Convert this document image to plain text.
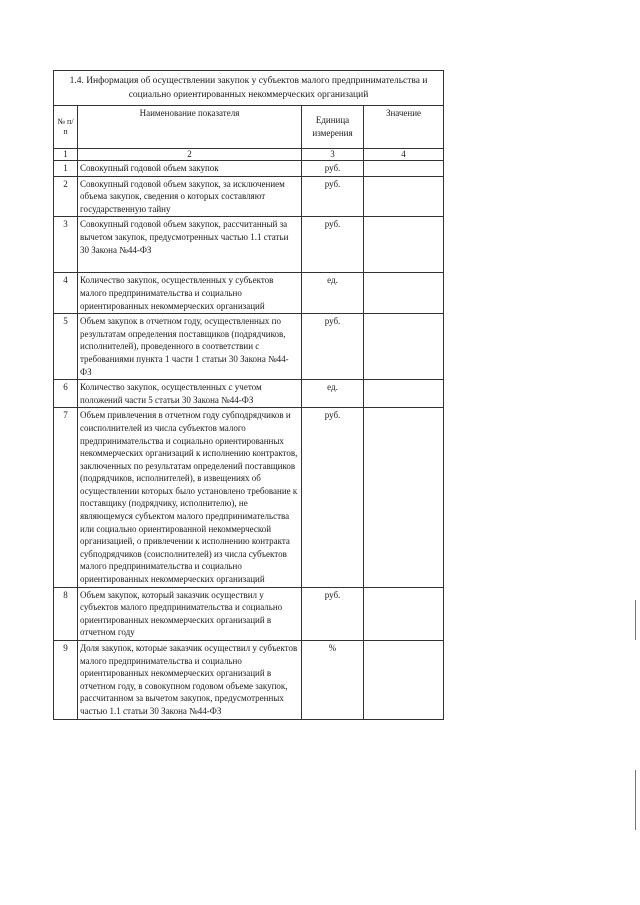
1.4. Информация об осуществлении закупок у субъектов малого предпринимательства и социально ориентированных некоммерческих организаций			
№ п/п	Наименование показателя	Единица измерения	Значение
1	2	3	4
1	Совокупный годовой объем закупок	руб.	
2	Совокупный годовой объем закупок, за исключением объема закупок, сведения о которых составляют государственную тайну	руб.	
3	Совокупный годовой объем закупок, рассчитанный за вычетом закупок, предусмотренных частью 1.1 статьи 30 Закона №44-ФЗ	руб.	
4	Количество закупок, осуществленных у субъектов малого предпринимательства и социально ориентированных некоммерческих организаций	ед.	
5	Объем закупок в отчетном году, осуществленных по результатам определения поставщиков (подрядчиков, исполнителей), проведенного в соответствии с требованиями пункта 1 части 1 статьи 30 Закона №44-ФЗ	руб.	
6	Количество закупок, осуществленных с учетом положений части 5 статьи 30 Закона №44-ФЗ	ед.	
7	Объем привлечения в отчетном году субподрядчиков и соисполнителей из числа субъектов малого предпринимательства и социально ориентированных некоммерческих организаций к исполнению контрактов, заключенных по результатам определений поставщиков (подрядчиков, исполнителей), в извещениях об осуществлении которых было установлено требование к поставщику (подрядчику, исполнителю), не являющемуся субъектом малого предпринимательства или социально ориентированной некоммерческой организацией, о привлечении к исполнению контракта субподрядчиков (соисполнителей) из числа субъектов малого предпринимательства и социально ориентированных некоммерческих организаций	руб.	
8	Объем закупок, который заказчик осуществил у субъектов малого предпринимательства и социально ориентированных некоммерческих организаций в отчетном году	руб.	
9	Доля закупок, которые заказчик осуществил у субъектов малого предпринимательства и социально ориентированных некоммерческих организаций в отчетном году, в совокупном годовом объеме закупок, рассчитанном за вычетом закупок, предусмотренных частью 1.1 статьи 30 Закона №44-ФЗ	%	
